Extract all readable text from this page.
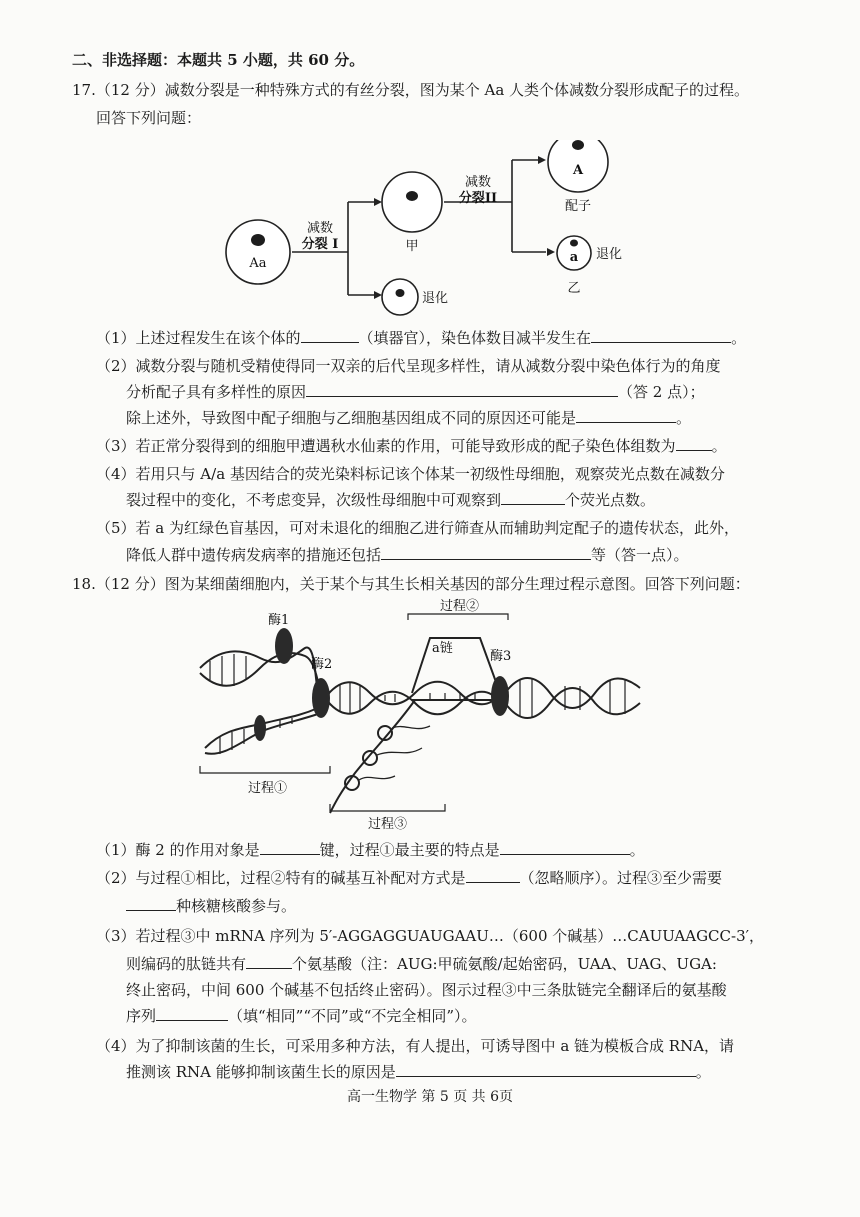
二、非选择题：本题共 5 小题，共 60 分。
17.（12 分）减数分裂是一种特殊方式的有丝分裂，图为某个 Aa 人类个体减数分裂形成配子的过程。
回答下列问题：
Aa
减数
分裂 I	甲
退化
减数
分裂II
A
配子
a 退化
乙
（1）上述过程发生在该个体的	（填器官），染色体数目减半发生在	。
（2）减数分裂与随机受精使得同一双亲的后代呈现多样性，请从减数分裂中染色体行为的角度
分析配子具有多样性的原因	（答 2 点）；
除上述外，导致图中配子细胞与乙细胞基因组成不同的原因还可能是	。
（3）若正常分裂得到的细胞甲遭遇秋水仙素的作用，可能导致形成的配子染色体组数为 。
（4）若用只与 A/a 基因结合的荧光染料标记该个体某一初级性母细胞，观察荧光点数在减数分
裂过程中的变化，不考虑变异，次级性母细胞中可观察到	个荧光点数。
（5）若 a 为红绿色盲基因，可对未退化的细胞乙进行筛查从而辅助判定配子的遗传状态，此外，
降低人群中遗传病发病率的措施还包括	等（答一点）。
18.（12 分）图为某细菌细胞内，关于某个与其生长相关基因的部分生理过程示意图。回答下列问题：
酶1
酶2
酶3
过程②
a链
过程①
过程③
（1）酶 2 的作用对象是	键，过程①最主要的特点是	。
（2）与过程①相比，过程②特有的碱基互补配对方式是	（忽略顺序）。过程③至少需要
种核糖核酸参与。
（3）若过程③中 mRNA 序列为 5′-AGGAGGUAUGAAU…（600 个碱基）…CAUUAAGCC-3′，
则编码的肽链共有	个氨基酸（注：AUG:甲硫氨酸/起始密码，UAA、UAG、UGA:
终止密码，中间 600 个碱基不包括终止密码）。图示过程③中三条肽链完全翻译后的氨基酸
序列	（填“相同”“不同”或“不完全相同”）。
（4）为了抑制该菌的生长，可采用多种方法，有人提出，可诱导图中 a 链为模板合成 RNA，请
推测该 RNA 能够抑制该菌生长的原因是	。
高一生物学 第 5 页 共 6页
